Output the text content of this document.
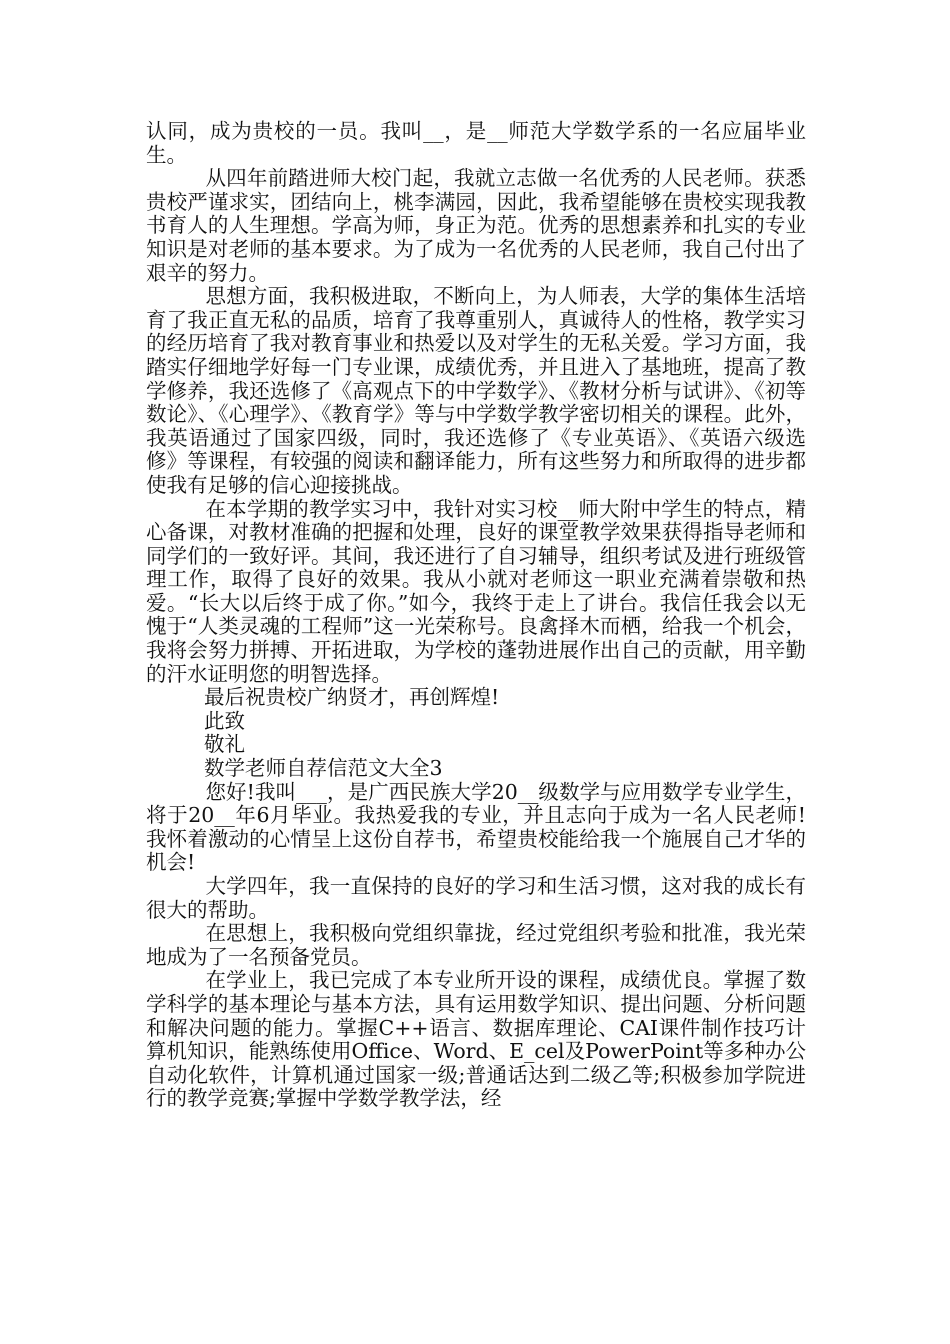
认同，成为贵校的一员。我叫__，是__师范大学数学系的一名应届毕业生。

从四年前踏进师大校门起，我就立志做一名优秀的人民老师。获悉贵校严谨求实，团结向上，桃李满园，因此，我希望能够在贵校实现我教书育人的人生理想。学高为师，身正为范。优秀的思想素养和扎实的专业知识是对老师的基本要求。为了成为一名优秀的人民老师，我自己付出了艰辛的努力。

思想方面，我积极进取，不断向上，为人师表，大学的集体生活培育了我正直无私的品质，培育了我尊重别人，真诚待人的性格，教学实习的经历培育了我对教育事业和热爱以及对学生的无私关爱。学习方面，我踏实仔细地学好每一门专业课，成绩优秀，并且进入了基地班，提高了教学修养，我还选修了《高观点下的中学数学》、《教材分析与试讲》、《初等数论》、《心理学》、《教育学》等与中学数学教学密切相关的课程。此外，我英语通过了国家四级，同时，我还选修了《专业英语》、《英语六级选修》等课程，有较强的阅读和翻译能力，所有这些努力和所取得的进步都使我有足够的信心迎接挑战。

在本学期的教学实习中，我针对实习校__师大附中学生的特点，精心备课，对教材准确的把握和处理，良好的课堂教学效果获得指导老师和同学们的一致好评。其间，我还进行了自习辅导，组织考试及进行班级管理工作，取得了良好的效果。我从小就对老师这一职业充满着崇敬和热爱。“长大以后终于成了你。”如今，我终于走上了讲台。我信任我会以无愧于“人类灵魂的工程师”这一光荣称号。良禽择木而栖，给我一个机会，我将会努力拼搏、开拓进取，为学校的蓬勃进展作出自己的贡献，用辛勤的汗水证明您的明智选择。

最后祝贵校广纳贤才，再创辉煌!

此致

敬礼

数学老师自荐信范文大全3

您好!我叫___，是广西民族大学20__级数学与应用数学专业学生，将于20__年6月毕业。我热爱我的专业，并且志向于成为一名人民老师!我怀着激动的心情呈上这份自荐书，希望贵校能给我一个施展自己才华的机会!

大学四年，我一直保持的良好的学习和生活习惯，这对我的成长有很大的帮助。

在思想上，我积极向党组织靠拢，经过党组织考验和批准，我光荣地成为了一名预备党员。

在学业上，我已完成了本专业所开设的课程，成绩优良。掌握了数学科学的基本理论与基本方法，具有运用数学知识、提出问题、分析问题和解决问题的能力。掌握C++语言、数据库理论、CAI课件制作技巧计算机知识，能熟练使用Office、Word、E_cel及PowerPoint等多种办公自动化软件，计算机通过国家一级;普通话达到二级乙等;积极参加学院进行的教学竞赛;掌握中学数学教学法，经
